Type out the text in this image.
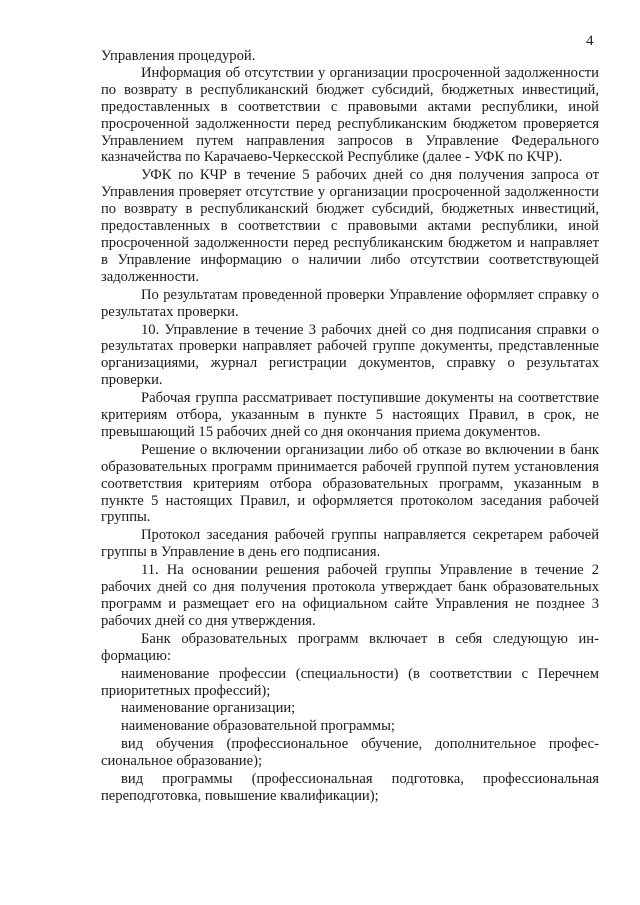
4

Управления процедурой.

Информация об отсутствии у организации просроченной задолженности по возврату в республиканский бюджет субсидий, бюджетных инвестиций, предоставленных в соответствии с правовыми актами республики, иной просроченной задолженности перед республиканским бюджетом проверяется Управлением путем направления запросов в Управление Федерального казначейства по Карачаево-Черкесской Республике (далее - УФК по КЧР).

УФК по КЧР в течение 5 рабочих дней со дня получения запроса от Управления проверяет отсутствие у организации просроченной задолженности по возврату в республиканский бюджет субсидий, бюджетных инвестиций, предоставленных в соответствии с правовыми актами республики, иной просроченной задолженности перед республиканским бюджетом и направляет в Управление информацию о наличии либо отсутствии соответствующей задолженности.

По результатам проведенной проверки Управление оформляет справку о результатах проверки.

10. Управление в течение 3 рабочих дней со дня подписания справки о результатах проверки направляет рабочей группе документы, представленные организациями, журнал регистрации документов, справку о результатах проверки.

Рабочая группа рассматривает поступившие документы на соответствие критериям отбора, указанным в пункте 5 настоящих Правил, в срок, не превышающий 15 рабочих дней со дня окончания приема документов.

Решение о включении организации либо об отказе во включении в банк образовательных программ принимается рабочей группой путем установления соответствия критериям отбора образовательных программ, указанным в пункте 5 настоящих Правил, и оформляется протоколом заседания рабочей группы.

Протокол заседания рабочей группы направляется секретарем рабочей группы в Управление в день его подписания.

11. На основании решения рабочей группы Управление в течение 2 рабочих дней со дня получения протокола утверждает банк образовательных программ и размещает его на официальном сайте Управления не позднее 3 рабочих дней со дня утверждения.

Банк образовательных программ включает в себя следующую информацию:

наименование профессии (специальности) (в соответствии с Перечнем приоритетных профессий);

наименование организации;

наименование образовательной программы;

вид обучения (профессиональное обучение, дополнительное профессиональное образование);

вид программы (профессиональная подготовка, профессиональная переподготовка, повышение квалификации);
